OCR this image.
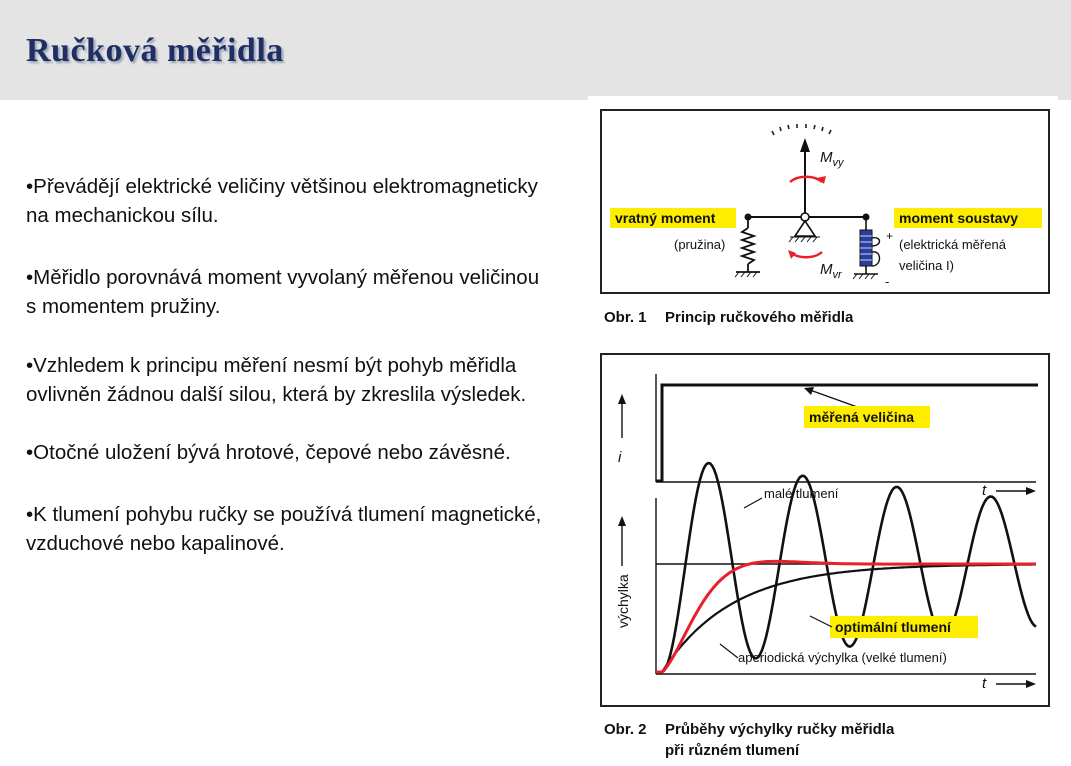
Ručková měřidla
•Převádějí elektrické veličiny většinou elektromagneticky na mechanickou sílu.
•Měřidlo porovnává moment vyvolaný měřenou veličinou s momentem pružiny.
•Vzhledem k principu měření nesmí být pohyb měřidla ovlivněn žádnou další silou, která by zkreslila výsledek.
•Otočné uložení bývá hrotové, čepové nebo závěsné.
•K tlumení pohybu ručky se používá tlumení magnetické, vzduchové nebo kapalinové.
+
-
$M_{vy}$
$M_{vr}$
vratný moment
(pružina)
moment soustavy
(elektrická měřená
veličina I)
Obr. 1 Princip ručkového měřidla
i
měřená veličina
t
výchylka
t
malé tlumení
optimální tlumení
aperiodická výchylka (velké tlumení)
Obr. 2 Průběhy výchylky ručky měřidla
při různém tlumení
